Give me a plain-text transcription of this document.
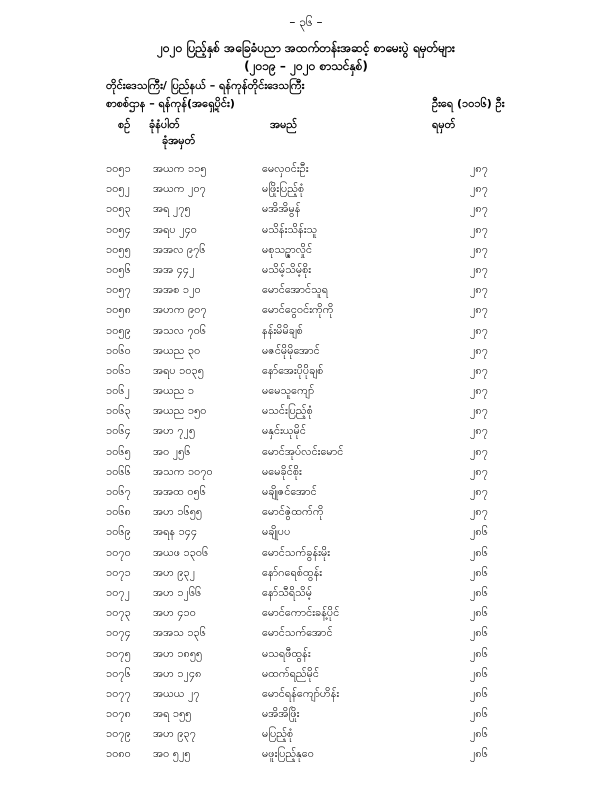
– ၃၆ –
၂၀၂၀ ပြည့်နှစ် အခြေခံပညာ အထက်တန်းအဆင့် စာမေးပွဲ ရမှတ်များ
(၂၀၁၉ – ၂၀၂၀ စာသင်နှစ်)
တိုင်းဒေသကြီး/ ပြည်နယ် – ရန်ကုန်တိုင်းဒေသကြီး
စာစစ်ဌာန – ရန်ကုန်(အရှေ့ပိုင်း)	ဦးရေ (၁၀၁၆) ဦး
စဉ် ခုံနံပါတ်	အမည်	ရမှတ်
ခုံအမှတ်
၁၀၅၁ အယက ၁၁၅	မေလှဝင်းဦး	၂၈၇
၁၀၅၂ အယက ၂၀၇	မဖြိုးပြည့်စုံ	၂၈၇
၁၀၅၃ အရ ၂၇၅	မအိအိမွန်	၂၈၇
၁၀၅၄ အရပ ၂၄၀	မသိန်းသိန်းသူ	၂၈၇
၁၀၅၅ အအလ ၉၇၆	မစုသဉ္ဇာလှိုင်	၂၈၇
၁၀၅၆ အအ ၄၄၂	မသိမ့်သိမ့်စိုး	၂၈၇
၁၀၅၇ အအစ ၁၂၀	မောင်အောင်သူရ	၂၈၇
၁၀၅၈ အဟက ၉၀၇	မောင်ငွေဝင်းကိုကို	၂၈၇
၁၀၅၉ အသလ ၇၀၆	နန်းမိမိချစ်	၂၈၇
၁၀၆၀ အယည ၃၀	မဇင်မိုမိုအောင်	၂၈၇
၁၀၆၁ အရပ ၁၀၃၅	နော်အေးပိုပိုချစ်	၂၈၇
၁၀၆၂ အယည ၁	မမေသူကျော်	၂၈၇
၁၀၆၃ အယည ၁၅၀	မသင်းပြည့်စုံ	၂၈၇
၁၀၆၄ အဟ ၇၂၅	မနှင်းယုမိုင်	၂၈၇
၁၀၆၅ အဝ ၂၅၆	မောင်အုပ်လင်းမောင်	၂၈၇
၁၀၆၆ အသက ၁၀၇၀	မမေခိုင်စိုး	၂၈၇
၁၀၆၇ အအထ ၀၅၆	မချိုဇင်အောင်	၂၈၇
၁၀၆၈ အဟ ၁၆၅၅	မောင်ဇွဲထက်ကို	၂၈၇
၁၀၆၉ အရန ၁၄၄	မချိုပပ	၂၈၆
၁၀၇၀ အယဖ ၁၃၀၆	မောင်သက်ခွန်းမိုး	၂၈၆
၁၀၇၁ အဟ ၉၃၂	နော်ဂရေစ်ထွန်း	၂၈၆
၁၀၇၂ အဟ ၁၂၆၆	နော်သီရိသိမ့်	၂၈၆
၁၀၇၃ အဟ ၄၁၀	မောင်ကောင်းခန့်ပိုင်	၂၈၆
၁၀၇၄ အအသ ၁၃၆	မောင်သက်အောင်	၂၈၆
၁၀၇၅ အဟ ၁၈၅၅	မသရဖီထွန်း	၂၈၆
၁၀၇၆ အဟ ၁၂၄၈	မထက်ရည်မိုင်	၂၈၆
၁၀၇၇ အယယ ၂၇	မောင်ရန်ကျော်ဟိန်း	၂၈၆
၁၀၇၈ အရ ၁၅၅	မအိအိဖြိုး	၂၈၆
၁၀၇၉ အဟ ၉၃၇	မပြည့်စုံ	၂၈၆
၁၀၈၀ အဝ ၅၂၅	မဖူးပြည့်နုဝေ	၂၈၆
